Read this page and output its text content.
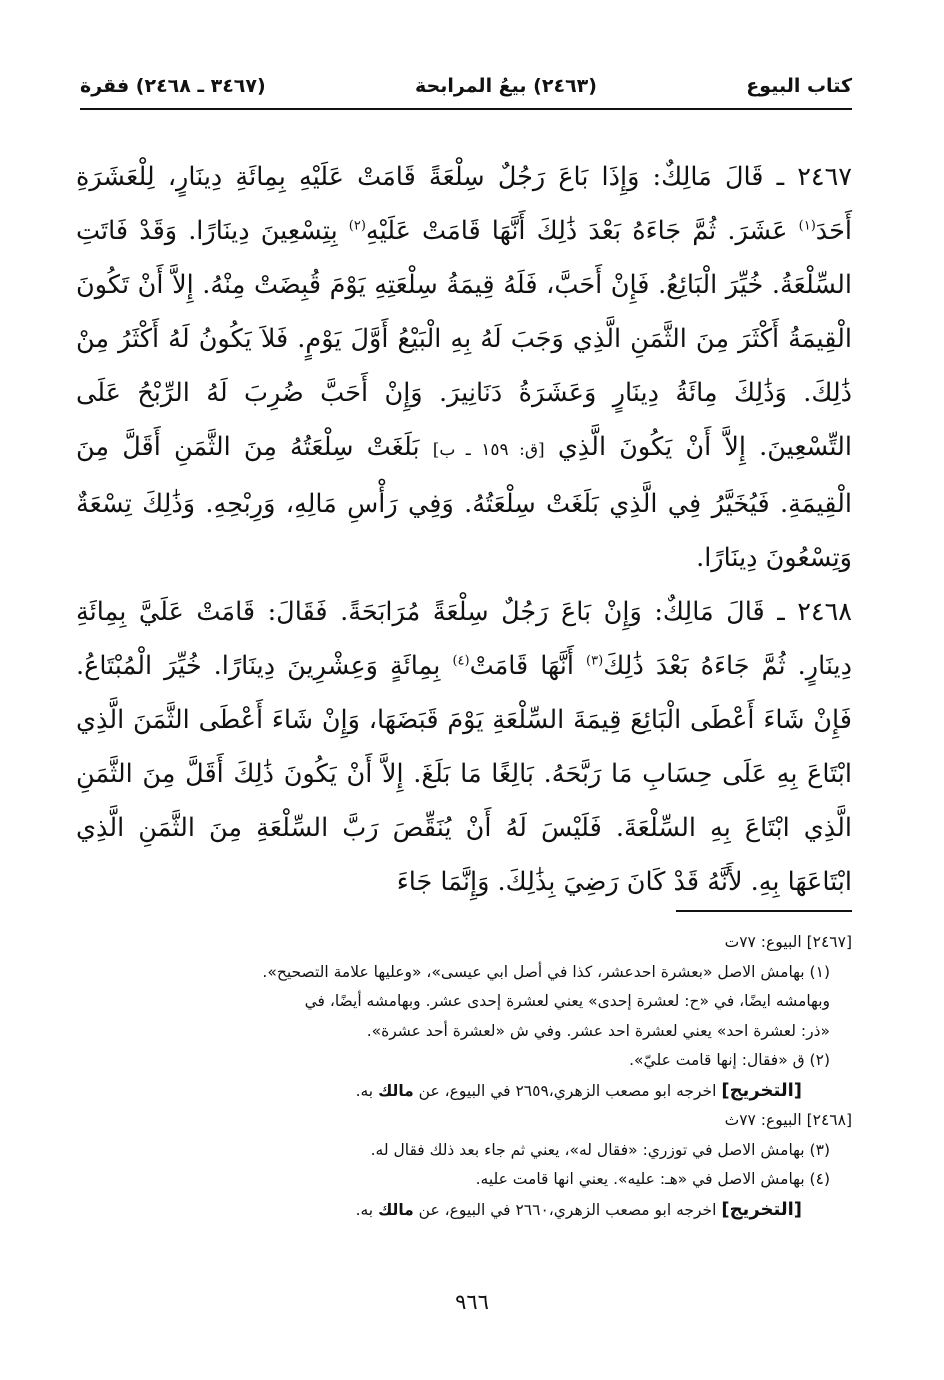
كتاب البيوع
(٢٤٦٣) بيعُ المرابحة
(٣٤٦٧ ـ ٢٤٦٨) فقرة

٢٤٦٧ ـ قَالَ مَالِكٌ: وَإِذَا بَاعَ رَجُلٌ سِلْعَةً قَامَتْ عَلَيْهِ بِمِائَةِ دِينَارٍ، لِلْعَشَرَةِ أَحَدَ$^{(١)}$ عَشَرَ. ثُمَّ جَاءَهُ بَعْدَ ذَٰلِكَ أَنَّهَا قَامَتْ عَلَيْهِ$^{(٢)}$ بِتِسْعِينَ دِينَارًا. وَقَدْ فَاتَتِ السِّلْعَةُ. خُيِّرَ الْبَائِعُ. فَإِنْ أَحَبَّ، فَلَهُ قِيمَةُ سِلْعَتِهِ يَوْمَ قُبِضَتْ مِنْهُ. إِلاَّ أَنْ تَكُونَ الْقِيمَةُ أَكْثَرَ مِنَ الثَّمَنِ الَّذِي وَجَبَ لَهُ بِهِ الْبَيْعُ أَوَّلَ يَوْمٍ. فَلاَ يَكُونُ لَهُ أَكْثَرُ مِنْ ذَٰلِكَ. وَذَٰلِكَ مِائَةُ دِينَارٍ وَعَشَرَةُ دَنَانِيرَ. وَإِنْ أَحَبَّ ضُرِبَ لَهُ الرِّبْحُ عَلَى التِّسْعِينَ. إِلاَّ أَنْ يَكُونَ الَّذِي [ق: ١٥٩ ـ ب] بَلَغَتْ سِلْعَتُهُ مِنَ الثَّمَنِ أَقَلَّ مِنَ الْقِيمَةِ. فَيُخَيَّرُ فِي الَّذِي بَلَغَتْ سِلْعَتُهُ. وَفِي رَأْسِ مَالِهِ، وَرِبْحِهِ. وَذَٰلِكَ تِسْعَةٌ وَتِسْعُونَ دِينَارًا.

٢٤٦٨ ـ قَالَ مَالِكٌ: وَإِنْ بَاعَ رَجُلٌ سِلْعَةً مُرَابَحَةً. فَقَالَ: قَامَتْ عَلَيَّ بِمِائَةِ دِينَارٍ. ثُمَّ جَاءَهُ بَعْدَ ذَٰلِكَ$^{(٣)}$ أَنَّهَا قَامَتْ$^{(٤)}$ بِمِائَةٍ وَعِشْرِينَ دِينَارًا. خُيِّرَ الْمُبْتَاعُ. فَإِنْ شَاءَ أَعْطَى الْبَائِعَ قِيمَةَ السِّلْعَةِ يَوْمَ قَبَضَهَا، وَإِنْ شَاءَ أَعْطَى الثَّمَنَ الَّذِي ابْتَاعَ بِهِ عَلَى حِسَابِ مَا رَبَّحَهُ. بَالِغًا مَا بَلَغَ. إِلاَّ أَنْ يَكُونَ ذَٰلِكَ أَقَلَّ مِنَ الثَّمَنِ الَّذِي ابْتَاعَ بِهِ السِّلْعَةَ. فَلَيْسَ لَهُ أَنْ يُنَقِّصَ رَبَّ السِّلْعَةِ مِنَ الثَّمَنِ الَّذِي ابْتَاعَهَا بِهِ. لأَنَّهُ قَدْ كَانَ رَضِيَ بِذَٰلِكَ. وَإِنَّمَا جَاءَ

[٢٤٦٧] البيوع: ٧٧ت

(١) بهامش الاصل «بعشرة احدعشر، كذا في أصل ابي عيسى»، «وعليها علامة التصحيح».

وبهامشه ايضًا، في «ح: لعشرة إحدى» يعني لعشرة إحدى عشر. وبهامشه أيضًا، في

«ذر: لعشرة احد» يعني لعشرة احد عشر. وفي ش «لعشرة أحد عشرة».

(٢) ق «فقال: إنها قامت عليّ».

[التخريج] اخرجه ابو مصعب الزهري،٢٦٥٩ في البيوع، عن مالك به.

[٢٤٦٨] البيوع: ٧٧ث

(٣) بهامش الاصل في توزري: «فقال له»، يعني ثم جاء بعد ذلك فقال له.

(٤) بهامش الاصل في «هـ: عليه». يعني انها قامت عليه.

[التخريج] اخرجه ابو مصعب الزهري،٢٦٦٠ في البيوع، عن مالك به.

٩٦٦
